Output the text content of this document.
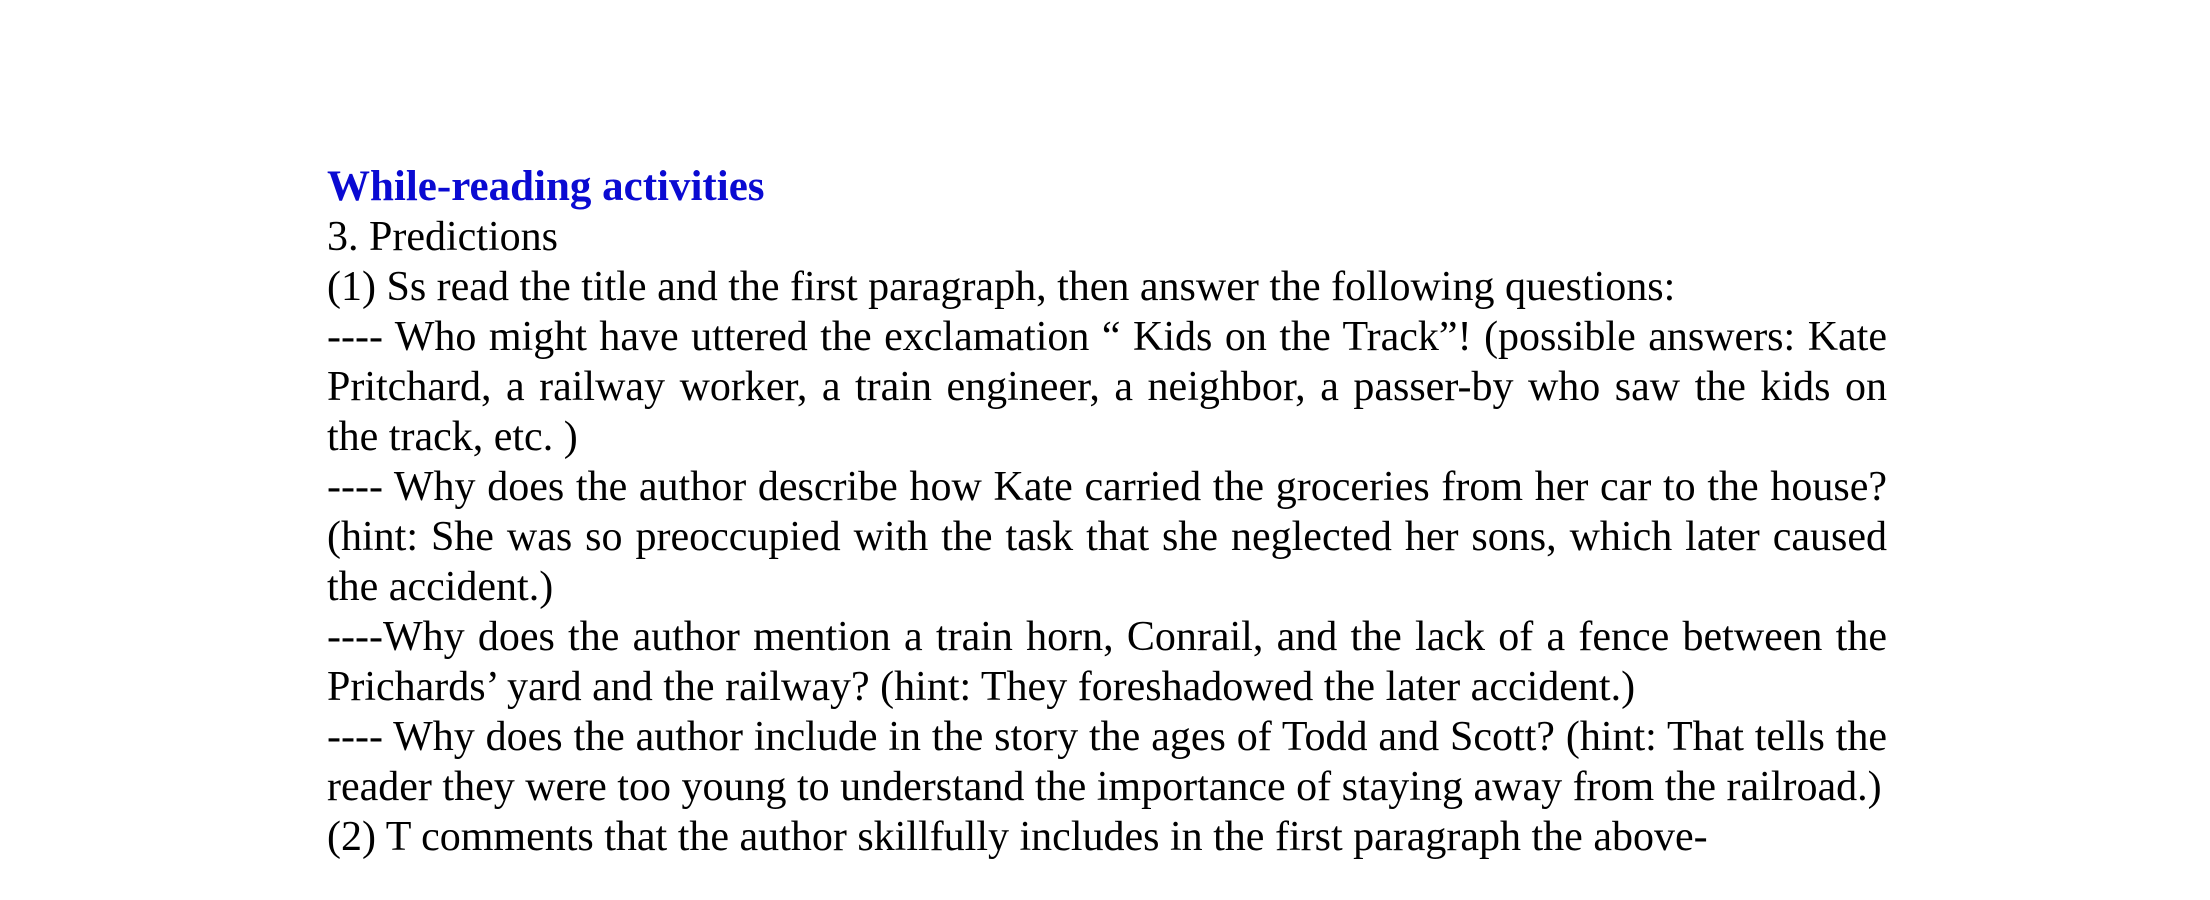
While-reading activities
3. Predictions
(1) Ss read the title and the first paragraph, then answer the following questions:
---- Who might have uttered the exclamation “ Kids on the Track”! (possible answers: Kate Pritchard, a railway worker, a train engineer, a neighbor, a passer-by who saw the kids on the track, etc. )
---- Why does the author describe how Kate carried the groceries from her car to the house? (hint: She was so preoccupied with the task that she neglected her sons, which later caused the accident.)
----Why does the author mention a train horn, Conrail, and the lack of a fence between the Prichards’ yard and the railway? (hint: They foreshadowed the later accident.)
---- Why does the author include in the story the ages of Todd and Scott? (hint: That tells the reader they were too young to understand the importance of staying away from the railroad.)
(2) T comments that the author skillfully includes in the first paragraph the above-
